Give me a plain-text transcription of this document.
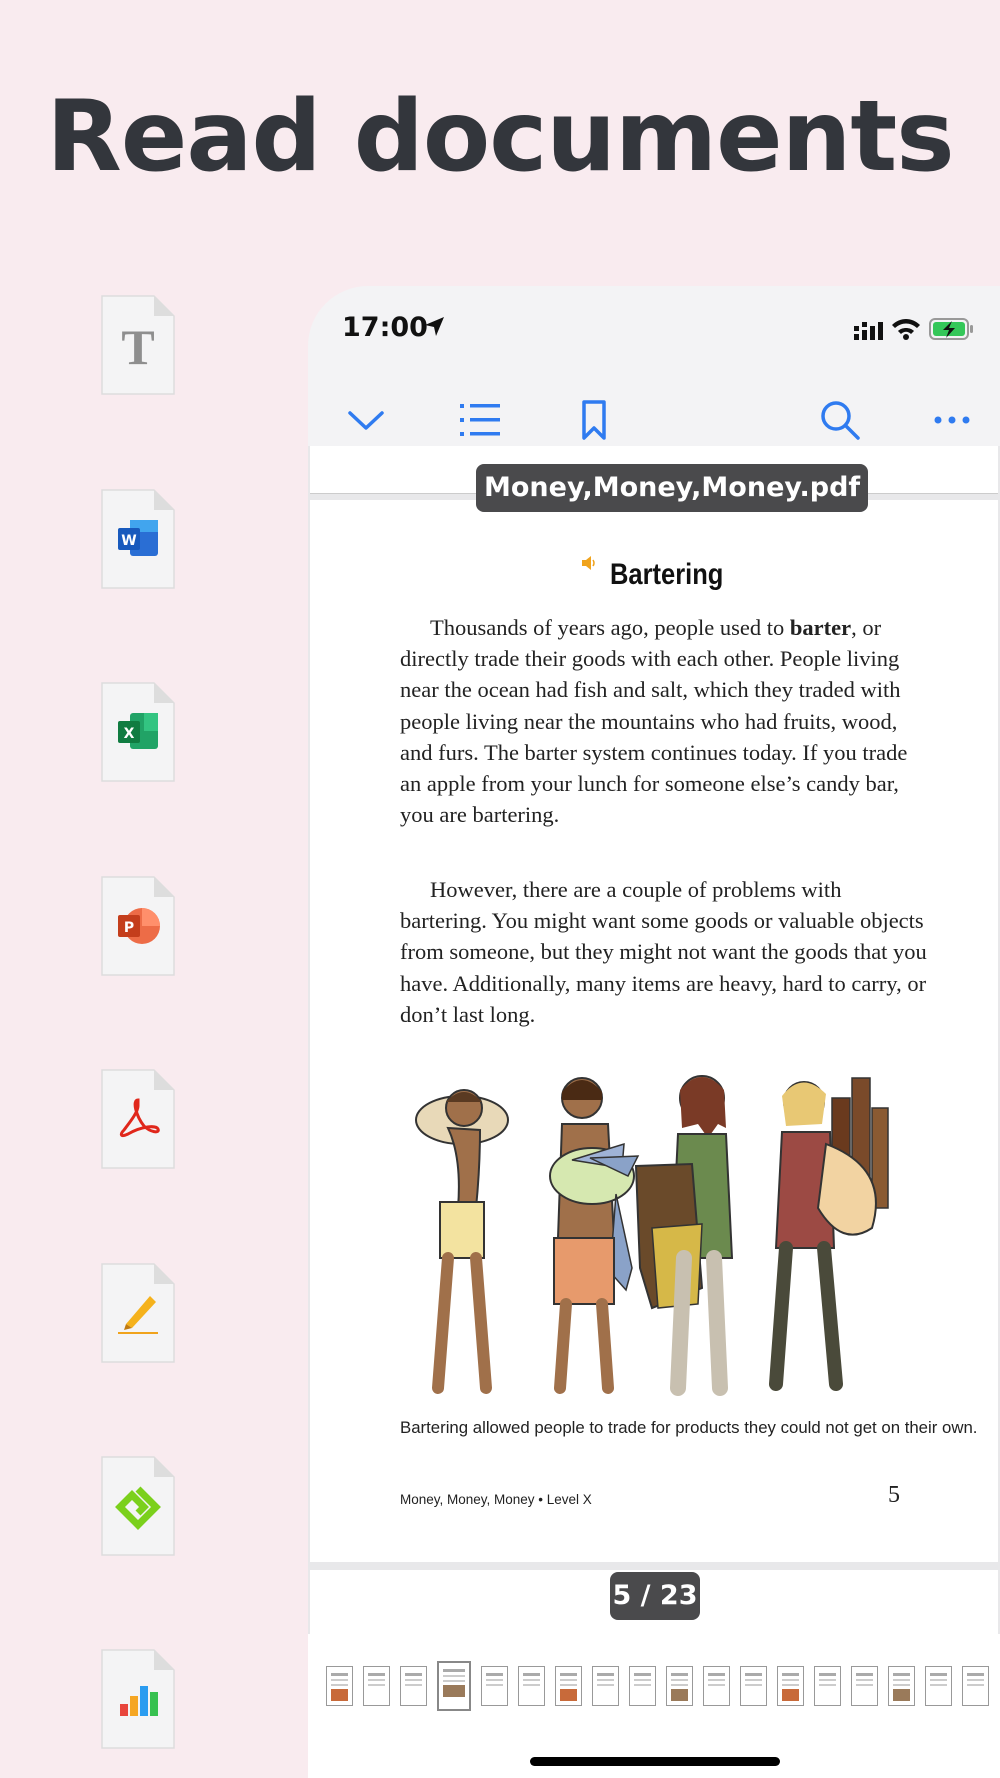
Read documents
T
W
X
P
17:00
Bartering

Thousands of years ago, people used to barter, or directly trade their goods with each other. People living near the ocean had fish and salt, which they traded with people living near the mountains who had fruits, wood, and furs. The barter system continues today. If you trade an apple from your lunch for someone else’s candy bar, you are bartering.

However, there are a couple of problems with bartering. You might want some goods or valuable objects from someone, but they might not want the goods that you have. Additionally, many items are heavy, hard to carry, or don’t last long.

Bartering allowed people to trade for products they could not get on their own.
Money, Money, Money • Level X	5
Money,Money,Money.pdf
5 / 23
